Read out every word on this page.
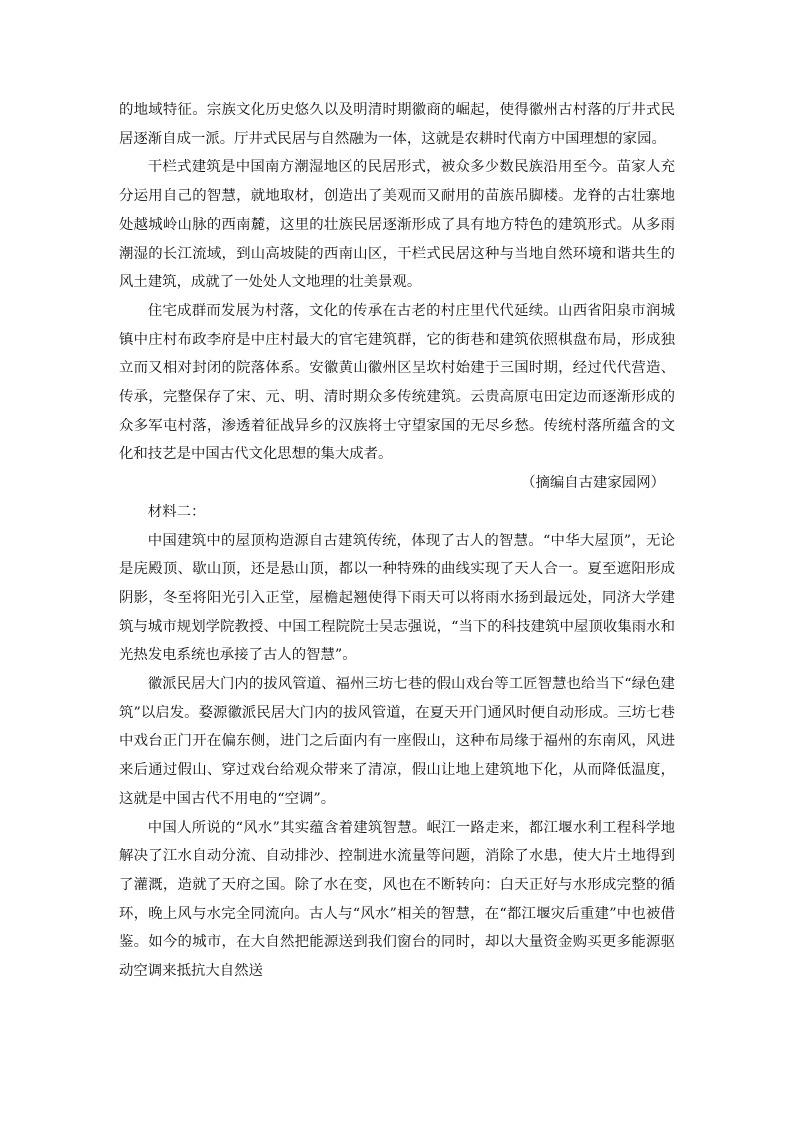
的地域特征。宗族文化历史悠久以及明清时期徽商的崛起，使得徽州古村落的厅井式民居逐渐自成一派。厅井式民居与自然融为一体，这就是农耕时代南方中国理想的家园。

干栏式建筑是中国南方潮湿地区的民居形式，被众多少数民族沿用至今。苗家人充分运用自己的智慧，就地取材，创造出了美观而又耐用的苗族吊脚楼。龙脊的古壮寨地处越城岭山脉的西南麓，这里的壮族民居逐渐形成了具有地方特色的建筑形式。从多雨潮湿的长江流域，到山高坡陡的西南山区，干栏式民居这种与当地自然环境和谐共生的风土建筑，成就了一处处人文地理的壮美景观。

住宅成群而发展为村落，文化的传承在古老的村庄里代代延续。山西省阳泉市润城镇中庄村布政李府是中庄村最大的官宅建筑群，它的街巷和建筑依照棋盘布局，形成独立而又相对封闭的院落体系。安徽黄山徽州区呈坎村始建于三国时期，经过代代营造、传承，完整保存了宋、元、明、清时期众多传统建筑。云贵高原屯田定边而逐渐形成的众多军屯村落，渗透着征战异乡的汉族将士守望家国的无尽乡愁。传统村落所蕴含的文化和技艺是中国古代文化思想的集大成者。

（摘编自古建家园网）

材料二：

中国建筑中的屋顶构造源自古建筑传统，体现了古人的智慧。“中华大屋顶”，无论是庑殿顶、歇山顶，还是悬山顶，都以一种特殊的曲线实现了天人合一。夏至遮阳形成阴影，冬至将阳光引入正堂，屋檐起翘使得下雨天可以将雨水扬到最远处，同济大学建筑与城市规划学院教授、中国工程院院士吴志强说，“当下的科技建筑中屋顶收集雨水和光热发电系统也承接了古人的智慧”。

徽派民居大门内的拔风管道、福州三坊七巷的假山戏台等工匠智慧也给当下“绿色建筑”以启发。婺源徽派民居大门内的拔风管道，在夏天开门通风时便自动形成。三坊七巷中戏台正门开在偏东侧，进门之后面内有一座假山，这种布局缘于福州的东南风，风进来后通过假山、穿过戏台给观众带来了清凉，假山让地上建筑地下化，从而降低温度，这就是中国古代不用电的“空调”。

中国人所说的“风水”其实蕴含着建筑智慧。岷江一路走来，都江堰水利工程科学地解决了江水自动分流、自动排沙、控制进水流量等问题，消除了水患，使大片土地得到了灌溉，造就了天府之国。除了水在变，风也在不断转向：白天正好与水形成完整的循环，晚上风与水完全同流向。古人与“风水”相关的智慧，在“都江堰灾后重建”中也被借鉴。如今的城市，在大自然把能源送到我们窗台的同时，却以大量资金购买更多能源驱动空调来抵抗大自然送
